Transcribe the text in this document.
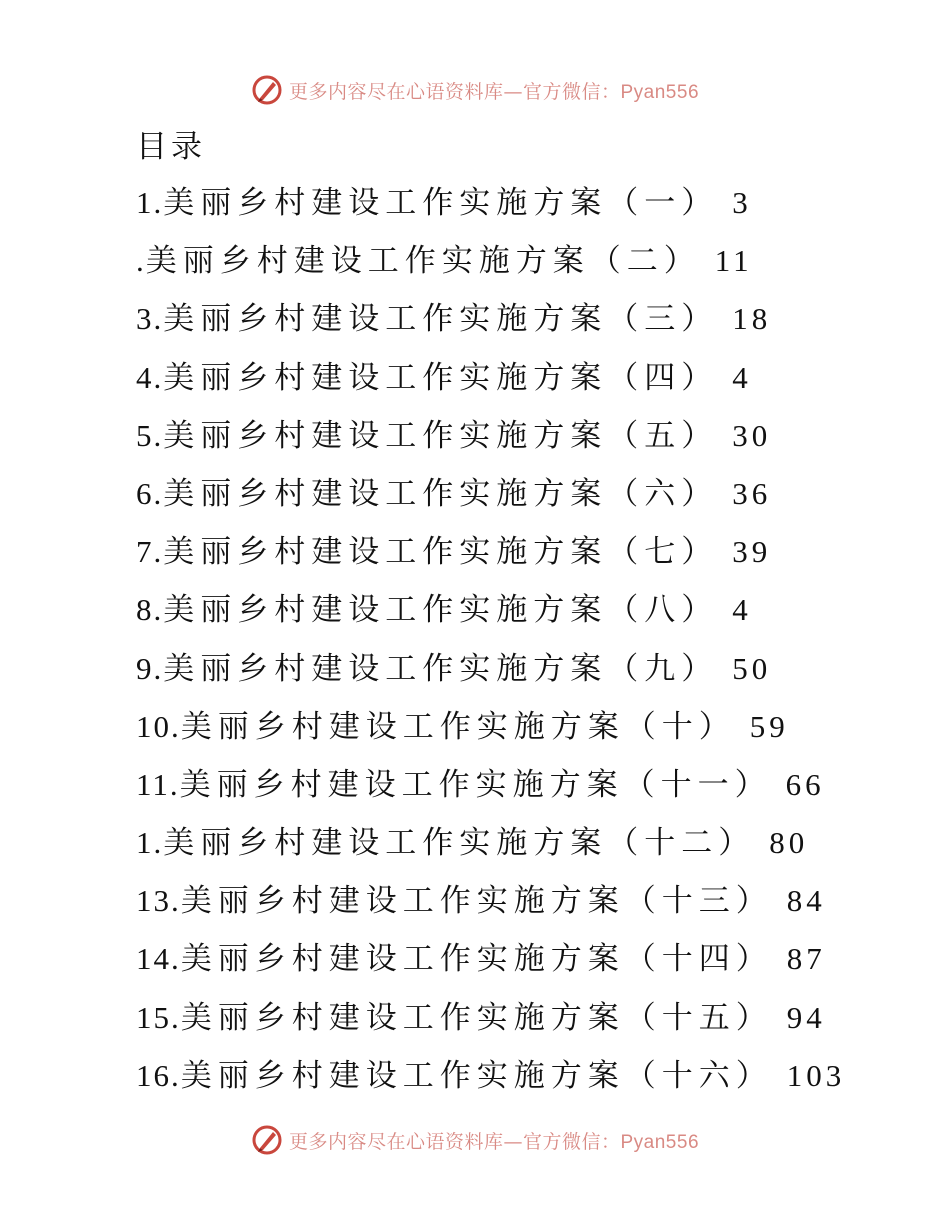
更多内容尽在心语资料库—官方微信：Pyan556
目录
1.美丽乡村建设工作实施方案（一） 3
.美丽乡村建设工作实施方案（二） 11
3.美丽乡村建设工作实施方案（三） 18
4.美丽乡村建设工作实施方案（四） 4
5.美丽乡村建设工作实施方案（五） 30
6.美丽乡村建设工作实施方案（六） 36
7.美丽乡村建设工作实施方案（七） 39
8.美丽乡村建设工作实施方案（八） 4
9.美丽乡村建设工作实施方案（九） 50
10.美丽乡村建设工作实施方案（十） 59
11.美丽乡村建设工作实施方案（十一） 66
1.美丽乡村建设工作实施方案（十二） 80
13.美丽乡村建设工作实施方案（十三） 84
14.美丽乡村建设工作实施方案（十四） 87
15.美丽乡村建设工作实施方案（十五） 94
16.美丽乡村建设工作实施方案（十六） 103
更多内容尽在心语资料库—官方微信：Pyan556
